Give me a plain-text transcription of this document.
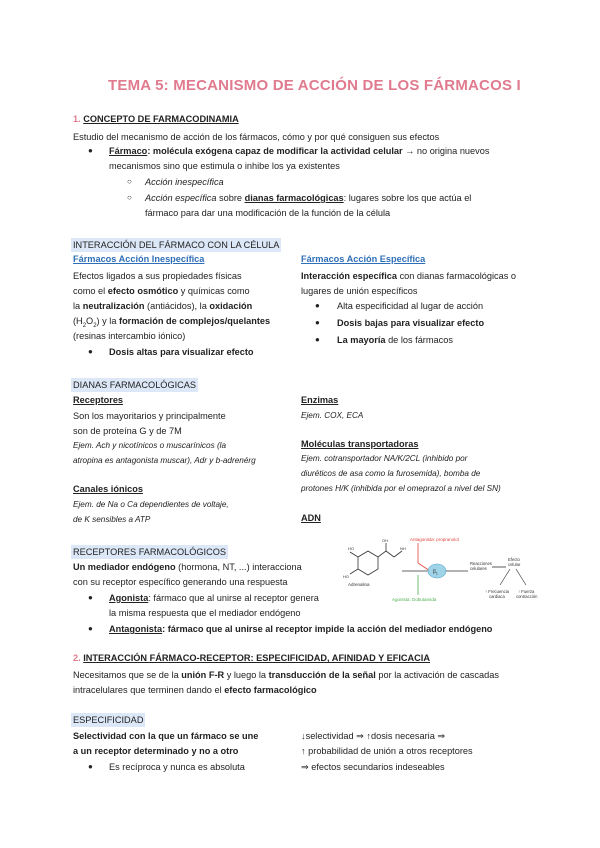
TEMA 5: MECANISMO DE ACCIÓN DE LOS FÁRMACOS I
1. CONCEPTO DE FARMACODINAMIA
Estudio del mecanismo de acción de los fármacos, cómo y por qué consiguen sus efectos
● Fármaco: molécula exógena capaz de modificar la actividad celular → no origina nuevos
mecanismos sino que estimula o inhibe los ya existentes
○ Acción inespecífica
○ Acción específica sobre dianas farmacológicas: lugares sobre los que actúa el
fármaco para dar una modificación de la función de la célula
INTERACCIÓN DEL FÁRMACO CON LA CÉLULA
Fármacos Acción Inespecífica
Efectos ligados a sus propiedades físicas
como el efecto osmótico y químicas como
la neutralización (antiácidos), la oxidación
$(H_2O_2)$ y la formación de complejos/quelantes
(resinas intercambio iónico)
● Dosis altas para visualizar efecto
Fármacos Acción Específica
Interacción específica con dianas farmacológicas o
lugares de unión específicos
● Alta especificidad al lugar de acción
● Dosis bajas para visualizar efecto
● La mayoría de los fármacos
DIANAS FARMACOLÓGICAS
Receptores
Son los mayoritarios y principalmente
son de proteína G y de 7M
Ejem. Ach y nicotínicos o muscarínicos (la
atropina es antagonista muscar), Adr y b-adrenérg
Canales iónicos
Ejem. de Na o Ca dependientes de voltaje,
de K sensibles a ATP
Enzimas
Ejem. COX, ECA
Moléculas transportadoras
Ejem. cotransportador NA/K/2CL (inhibido por
diuréticos de asa como la furosemida), bomba de
protones H/K (inhibida por el omeprazol a nivel del SN)
ADN
RECEPTORES FARMACOLÓGICOS
Un mediador endógeno (hormona, NT, ...) interacciona
con su receptor específico generando una respuesta
● Agonista: fármaco que al unirse al receptor genera
la misma respuesta que el mediador endógeno
● Antagonista: fármaco que al unirse al receptor impide la acción del mediador endógeno
HO
HO
OH
NH
Adrenalina
Antagonista: propranolol
$\beta_1$
Agonista: Dobutamida
Reacciones
celulares
Efecto
celular
↑ Frecuencia
cardiaca
↑ Fuerza
contracción
2. INTERACCIÓN FÁRMACO-RECEPTOR: ESPECIFICIDAD, AFINIDAD Y EFICACIA
Necesitamos que se de la unión F-R y luego la transducción de la señal por la activación de cascadas
intracelulares que terminen dando el efecto farmacológico
ESPECIFICIDAD
Selectividad con la que un fármaco se une
a un receptor determinado y no a otro
● Es recíproca y nunca es absoluta
↓selectividad ⇒ ↑dosis necesaria ⇒
↑ probabilidad de unión a otros receptores
⇒ efectos secundarios indeseables
